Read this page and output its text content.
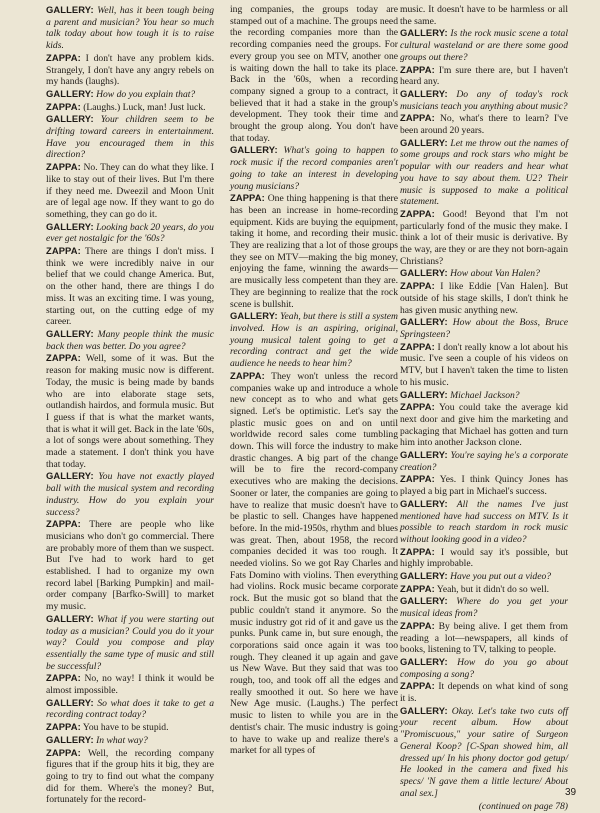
GALLERY: Well, has it been tough being a parent and musician? You hear so much talk today about how tough it is to raise kids.

ZAPPA: I don't have any problem kids. Strangely, I don't have any angry rebels on my hands (laughs).

GALLERY: How do you explain that?

ZAPPA: (Laughs.) Luck, man! Just luck.

GALLERY: Your children seem to be drifting toward careers in entertainment. Have you encouraged them in this direction?

ZAPPA: No. They can do what they like. I like to stay out of their lives. But I'm there if they need me. Dweezil and Moon Unit are of legal age now. If they want to go do something, they can go do it.

GALLERY: Looking back 20 years, do you ever get nostalgic for the '60s?

ZAPPA: There are things I don't miss. I think we were incredibly naive in our belief that we could change America. But, on the other hand, there are things I do miss. It was an exciting time. I was young, starting out, on the cutting edge of my career.

GALLERY: Many people think the music back then was better. Do you agree?

ZAPPA: Well, some of it was. But the reason for making music now is different. Today, the music is being made by bands who are into elaborate stage sets, outlandish hairdos, and formula music. But I guess if that is what the market wants, that is what it will get. Back in the late '60s, a lot of songs were about something. They made a statement. I don't think you have that today.

GALLERY: You have not exactly played ball with the musical system and recording industry. How do you explain your success?

ZAPPA: There are people who like musicians who don't go commercial. There are probably more of them than we suspect. But I've had to work hard to get established. I had to organize my own record label [Barking Pumpkin] and mail-order company [Barfko-Swill] to market my music.

GALLERY: What if you were starting out today as a musician? Could you do it your way? Could you compose and play essentially the same type of music and still be successful?

ZAPPA: No, no way! I think it would be almost impossible.

GALLERY: So what does it take to get a recording contract today?

ZAPPA: You have to be stupid.

GALLERY: In what way?

ZAPPA: Well, the recording company figures that if the group hits it big, they are going to try to find out what the company did for them. Where's the money? But, fortunately for the record-

ing companies, the groups today are stamped out of a machine. The groups need the recording companies more than the recording companies need the groups. For every group you see on MTV, another one is waiting down the hall to take its place. Back in the '60s, when a recording company signed a group to a contract, it believed that it had a stake in the group's development. They took their time and brought the group along. You don't have that today.

GALLERY: What's going to happen to rock music if the record companies aren't going to take an interest in developing young musicians?

ZAPPA: One thing happening is that there has been an increase in home-recording equipment. Kids are buying the equipment, taking it home, and recording their music. They are realizing that a lot of those groups they see on MTV—making the big money, enjoying the fame, winning the awards—are musically less competent than they are. They are beginning to realize that the rock scene is bullshit.

GALLERY: Yeah, but there is still a system involved. How is an aspiring, original, young musical talent going to get a recording contract and get the wide audience he needs to hear him?

ZAPPA: They won't unless the record companies wake up and introduce a whole new concept as to who and what gets signed. Let's be optimistic. Let's say the plastic music goes on and on until worldwide record sales come tumbling down. This will force the industry to make drastic changes. A big part of the change will be to fire the record-company executives who are making the decisions. Sooner or later, the companies are going to have to realize that music doesn't have to be plastic to sell. Changes have happened before. In the mid-1950s, rhythm and blues was great. Then, about 1958, the record companies decided it was too rough. It needed violins. So we got Ray Charles and Fats Domino with violins. Then everything had violins. Rock music became corporate rock. But the music got so bland that the public couldn't stand it anymore. So the music industry got rid of it and gave us the punks. Punk came in, but sure enough, the corporations said once again it was too rough. They cleaned it up again and gave us New Wave. But they said that was too rough, too, and took off all the edges and really smoothed it out. So here we have New Age music. (Laughs.) The perfect music to listen to while you are in the dentist's chair. The music industry is going to have to wake up and realize there's a market for all types of

music. It doesn't have to be harmless or all the same.

GALLERY: Is the rock music scene a total cultural wasteland or are there some good groups out there?

ZAPPA: I'm sure there are, but I haven't heard any.

GALLERY: Do any of today's rock musicians teach you anything about music?

ZAPPA: No, what's there to learn? I've been around 20 years.

GALLERY: Let me throw out the names of some groups and rock stars who might be popular with our readers and hear what you have to say about them. U2? Their music is supposed to make a political statement.

ZAPPA: Good! Beyond that I'm not particularly fond of the music they make. I think a lot of their music is derivative. By the way, are they or are they not born-again Christians?

GALLERY: How about Van Halen?

ZAPPA: I like Eddie [Van Halen]. But outside of his stage skills, I don't think he has given music anything new.

GALLERY: How about the Boss, Bruce Springsteen?

ZAPPA: I don't really know a lot about his music. I've seen a couple of his videos on MTV, but I haven't taken the time to listen to his music.

GALLERY: Michael Jackson?

ZAPPA: You could take the average kid next door and give him the marketing and packaging that Michael has gotten and turn him into another Jackson clone.

GALLERY: You're saying he's a corporate creation?

ZAPPA: Yes. I think Quincy Jones has played a big part in Michael's success.

GALLERY: All the names I've just mentioned have had success on MTV. Is it possible to reach stardom in rock music without looking good in a video?

ZAPPA: I would say it's possible, but highly improbable.

GALLERY: Have you put out a video?

ZAPPA: Yeah, but it didn't do so well.

GALLERY: Where do you get your musical ideas from?

ZAPPA: By being alive. I get them from reading a lot—newspapers, all kinds of books, listening to TV, talking to people.

GALLERY: How do you go about composing a song?

ZAPPA: It depends on what kind of song it is.

GALLERY: Okay. Let's take two cuts off your recent album. How about "Promiscuous," your satire of Surgeon General Koop? [C-Span showed him, all dressed up/ In his phony doctor god getup/ He looked in the camera and fixed his specs/ 'N gave them a little lecture/ About anal sex.]

(continued on page 78)
39
